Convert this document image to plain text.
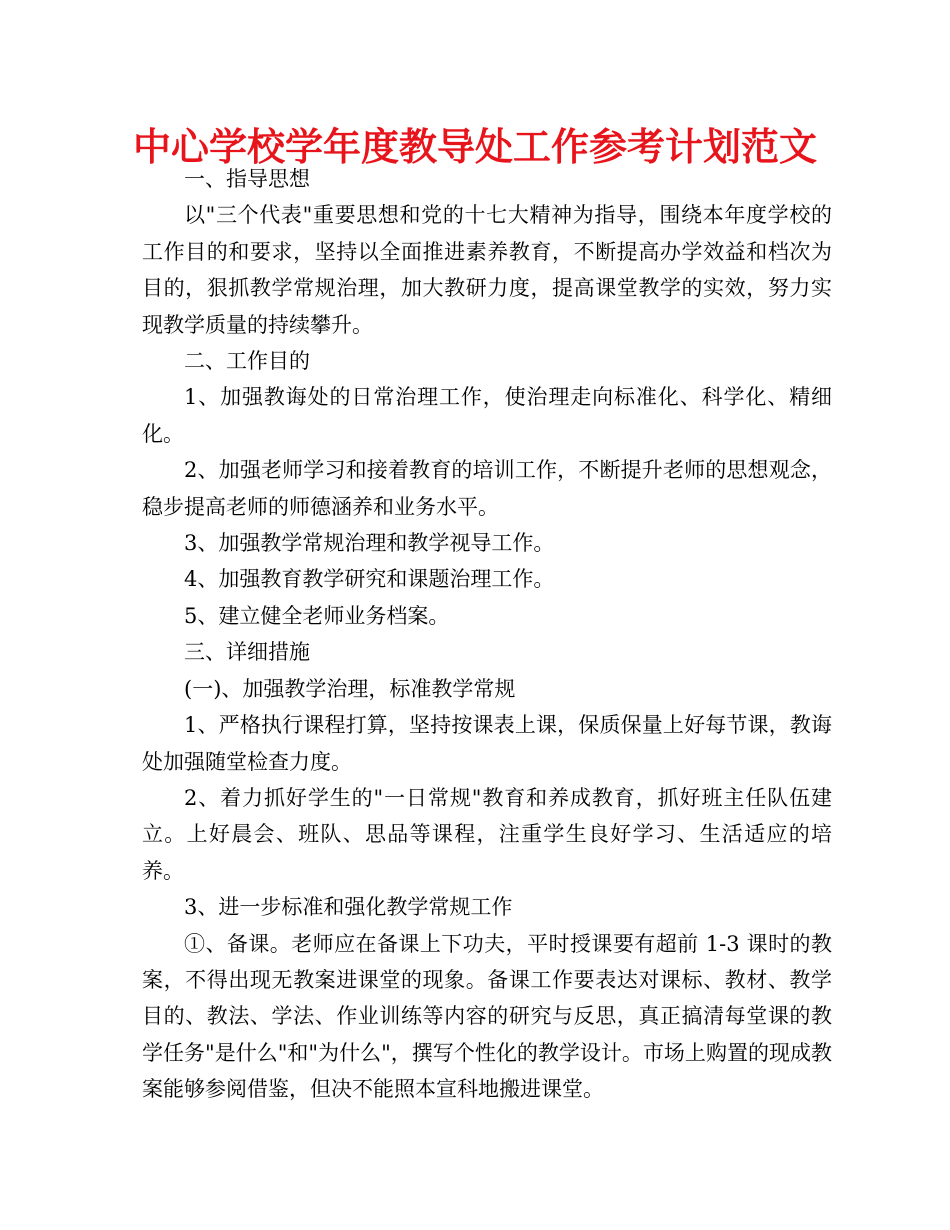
中心学校学年度教导处工作参考计划范文

一、指导思想

以"三个代表"重要思想和党的十七大精神为指导，围绕本年度学校的工作目的和要求，坚持以全面推进素养教育，不断提高办学效益和档次为目的，狠抓教学常规治理，加大教研力度，提高课堂教学的实效，努力实现教学质量的持续攀升。

二、工作目的

1、加强教诲处的日常治理工作，使治理走向标准化、科学化、精细化。

2、加强老师学习和接着教育的培训工作，不断提升老师的思想观念，稳步提高老师的师德涵养和业务水平。

3、加强教学常规治理和教学视导工作。

4、加强教育教学研究和课题治理工作。

5、建立健全老师业务档案。

三、详细措施

(一)、加强教学治理，标准教学常规

1、严格执行课程打算，坚持按课表上课，保质保量上好每节课，教诲处加强随堂检查力度。

2、着力抓好学生的"一日常规"教育和养成教育，抓好班主任队伍建立。上好晨会、班队、思品等课程，注重学生良好学习、生活适应的培养。

3、进一步标准和强化教学常规工作

①、备课。老师应在备课上下功夫，平时授课要有超前 1-3 课时的教案，不得出现无教案进课堂的现象。备课工作要表达对课标、教材、教学目的、教法、学法、作业训练等内容的研究与反思，真正搞清每堂课的教学任务"是什么"和"为什么"，撰写个性化的教学设计。市场上购置的现成教案能够参阅借鉴，但决不能照本宣科地搬进课堂。
